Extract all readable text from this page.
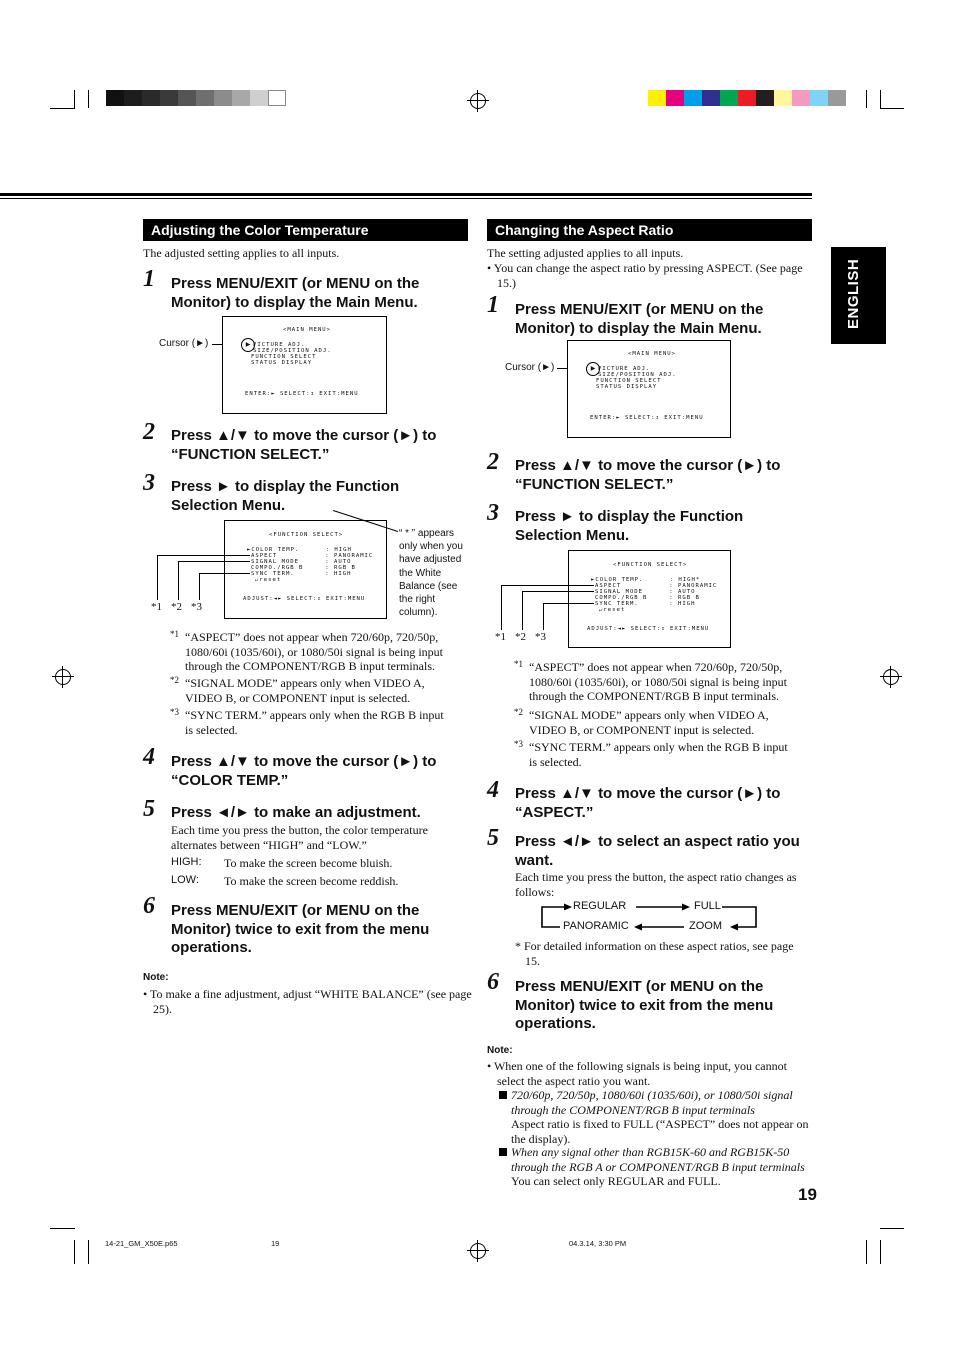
ENGLISH
Adjusting the Color Temperature
The adjusted setting applies to all inputs.
1 Press MENU/EXIT (or MENU on the Monitor) to display the Main Menu.
Cursor (►)
<MAIN MENU>
▶ PICTURE ADJ.
SIZE/POSITION ADJ.
FUNCTION SELECT
STATUS DISPLAY
ENTER:► SELECT:↕ EXIT:MENU
2 Press ▲/▼ to move the cursor (►) to “FUNCTION SELECT.”
3 Press ► to display the Function Selection Menu.
<FUNCTION SELECT>
►COLOR TEMP.      : HIGH
ASPECT           : PANORAMIC
SIGNAL MODE      : AUTO
COMPO./RGB B     : RGB B
SYNC TERM.       : HIGH
↵reset
ADJUST:◄► SELECT:↕ EXIT:MENU
*1 *2 *3
“ * ” appears only when you have adjusted the White Balance (see the right column).
*1 “ASPECT” does not appear when 720/60p, 720/50p, 1080/60i (1035/60i), or 1080/50i signal is being input through the COMPONENT/RGB B input terminals.
*2 “SIGNAL MODE” appears only when VIDEO A, VIDEO B, or COMPONENT input is selected.
*3 “SYNC TERM.” appears only when the RGB B input is selected.
4 Press ▲/▼ to move the cursor (►) to “COLOR TEMP.”
5 Press ◄/► to make an adjustment.
Each time you press the button, the color temperature alternates between “HIGH” and “LOW.”
HIGH: To make the screen become bluish.
LOW: To make the screen become reddish.
6 Press MENU/EXIT (or MENU on the Monitor) twice to exit from the menu operations.
Note:
• To make a fine adjustment, adjust “WHITE BALANCE” (see page 25).
Changing the Aspect Ratio
The setting adjusted applies to all inputs.
• You can change the aspect ratio by pressing ASPECT. (See page 15.)
1 Press MENU/EXIT (or MENU on the Monitor) to display the Main Menu.
Cursor (►)
<MAIN MENU>
▶ PICTURE ADJ.
SIZE/POSITION ADJ.
FUNCTION SELECT
STATUS DISPLAY
ENTER:► SELECT:↕ EXIT:MENU
2 Press ▲/▼ to move the cursor (►) to “FUNCTION SELECT.”
3 Press ► to display the Function Selection Menu.
<FUNCTION SELECT>
►COLOR TEMP.      : HIGH*
ASPECT           : PANORAMIC
SIGNAL MODE      : AUTO
COMPO./RGB B     : RGB B
SYNC TERM.       : HIGH
↵reset
ADJUST:◄► SELECT:↕ EXIT:MENU
*1 *2 *3
*1 “ASPECT” does not appear when 720/60p, 720/50p, 1080/60i (1035/60i), or 1080/50i signal is being input through the COMPONENT/RGB B input terminals.
*2 “SIGNAL MODE” appears only when VIDEO A, VIDEO B, or COMPONENT input is selected.
*3 “SYNC TERM.” appears only when the RGB B input is selected.
4 Press ▲/▼ to move the cursor (►) to “ASPECT.”
5 Press ◄/► to select an aspect ratio you want.
Each time you press the button, the aspect ratio changes as follows:
REGULAR	FULL
PANORAMIC	ZOOM
* For detailed information on these aspect ratios, see page 15.
6 Press MENU/EXIT (or MENU on the Monitor) twice to exit from the menu operations.
Note:
• When one of the following signals is being input, you cannot select the aspect ratio you want.
720/60p, 720/50p, 1080/60i (1035/60i), or 1080/50i signal through the COMPONENT/RGB B input terminals
Aspect ratio is fixed to FULL (“ASPECT” does not appear on the display).
When any signal other than RGB15K-60 and RGB15K-50 through the RGB A or COMPONENT/RGB B input terminals
You can select only REGULAR and FULL.
19
14-21_GM_X50E.p65	19	04.3.14, 3:30 PM
